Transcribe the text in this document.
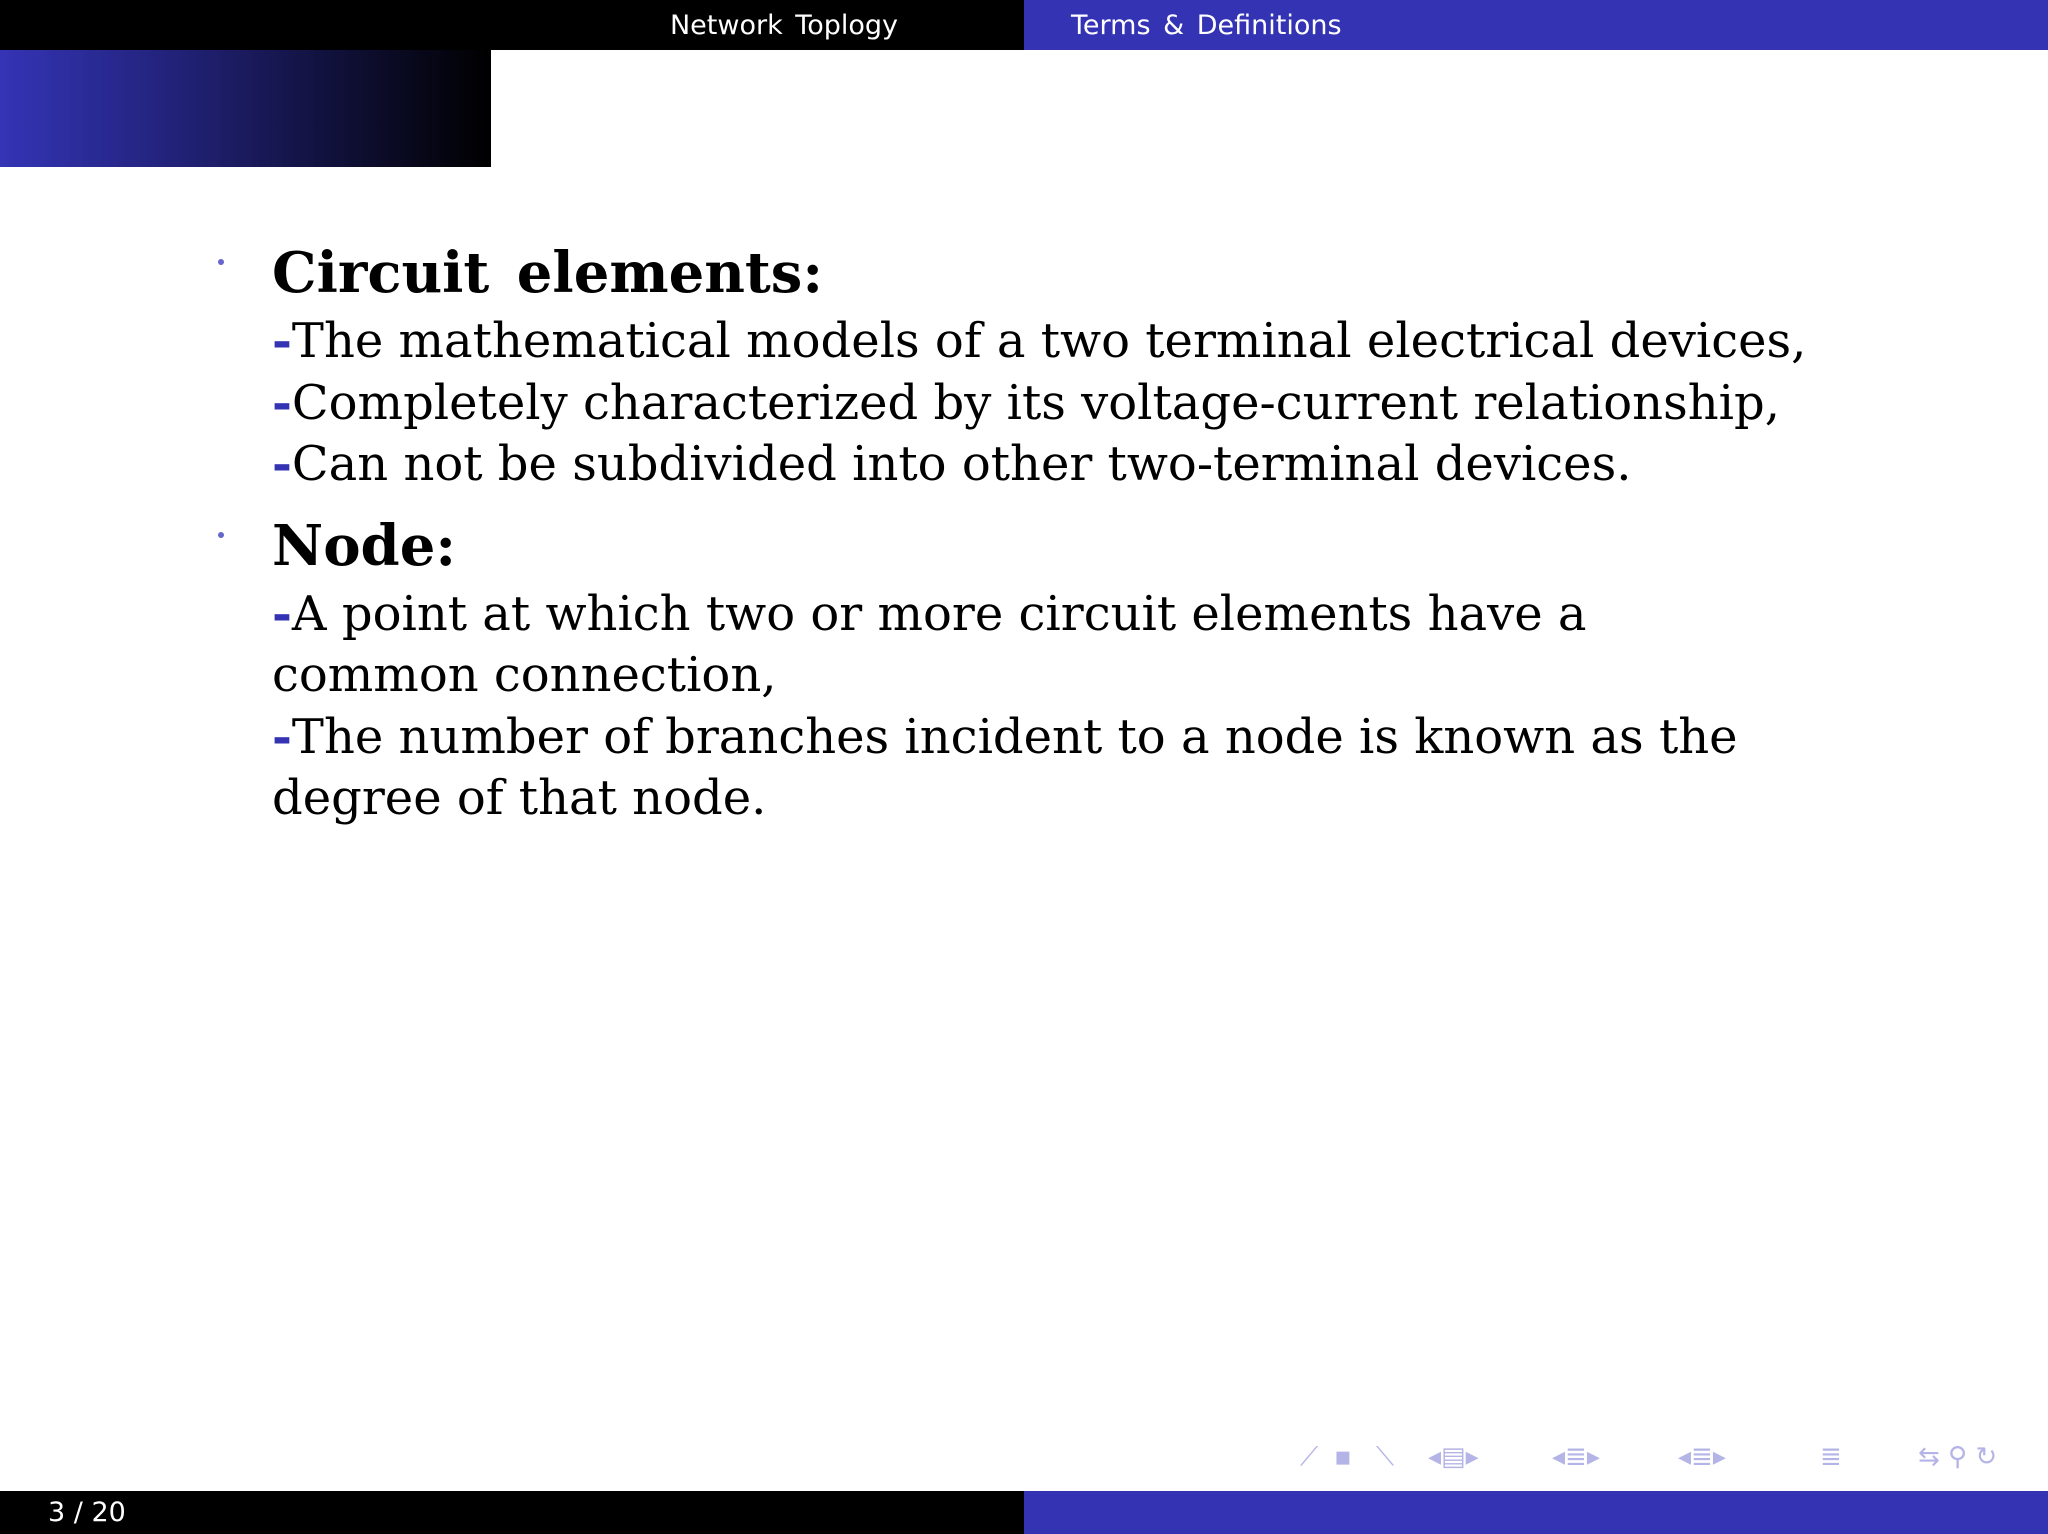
Network Toplogy	Terms & Definitions
Circuit elements:
-The mathematical models of a two terminal electrical devices,
-Completely characterized by its voltage-current relationship,
-Can not be subdivided into other two-terminal devices.
Node:
-A point at which two or more circuit elements have a
common connection,
-The number of branches incident to a node is known as the
degree of that node.
⟋ ▪ ⟍ ◂▤▸	◂≣▸	◂≣▸	≣	⇆ ⚲ ↻
3 / 20
